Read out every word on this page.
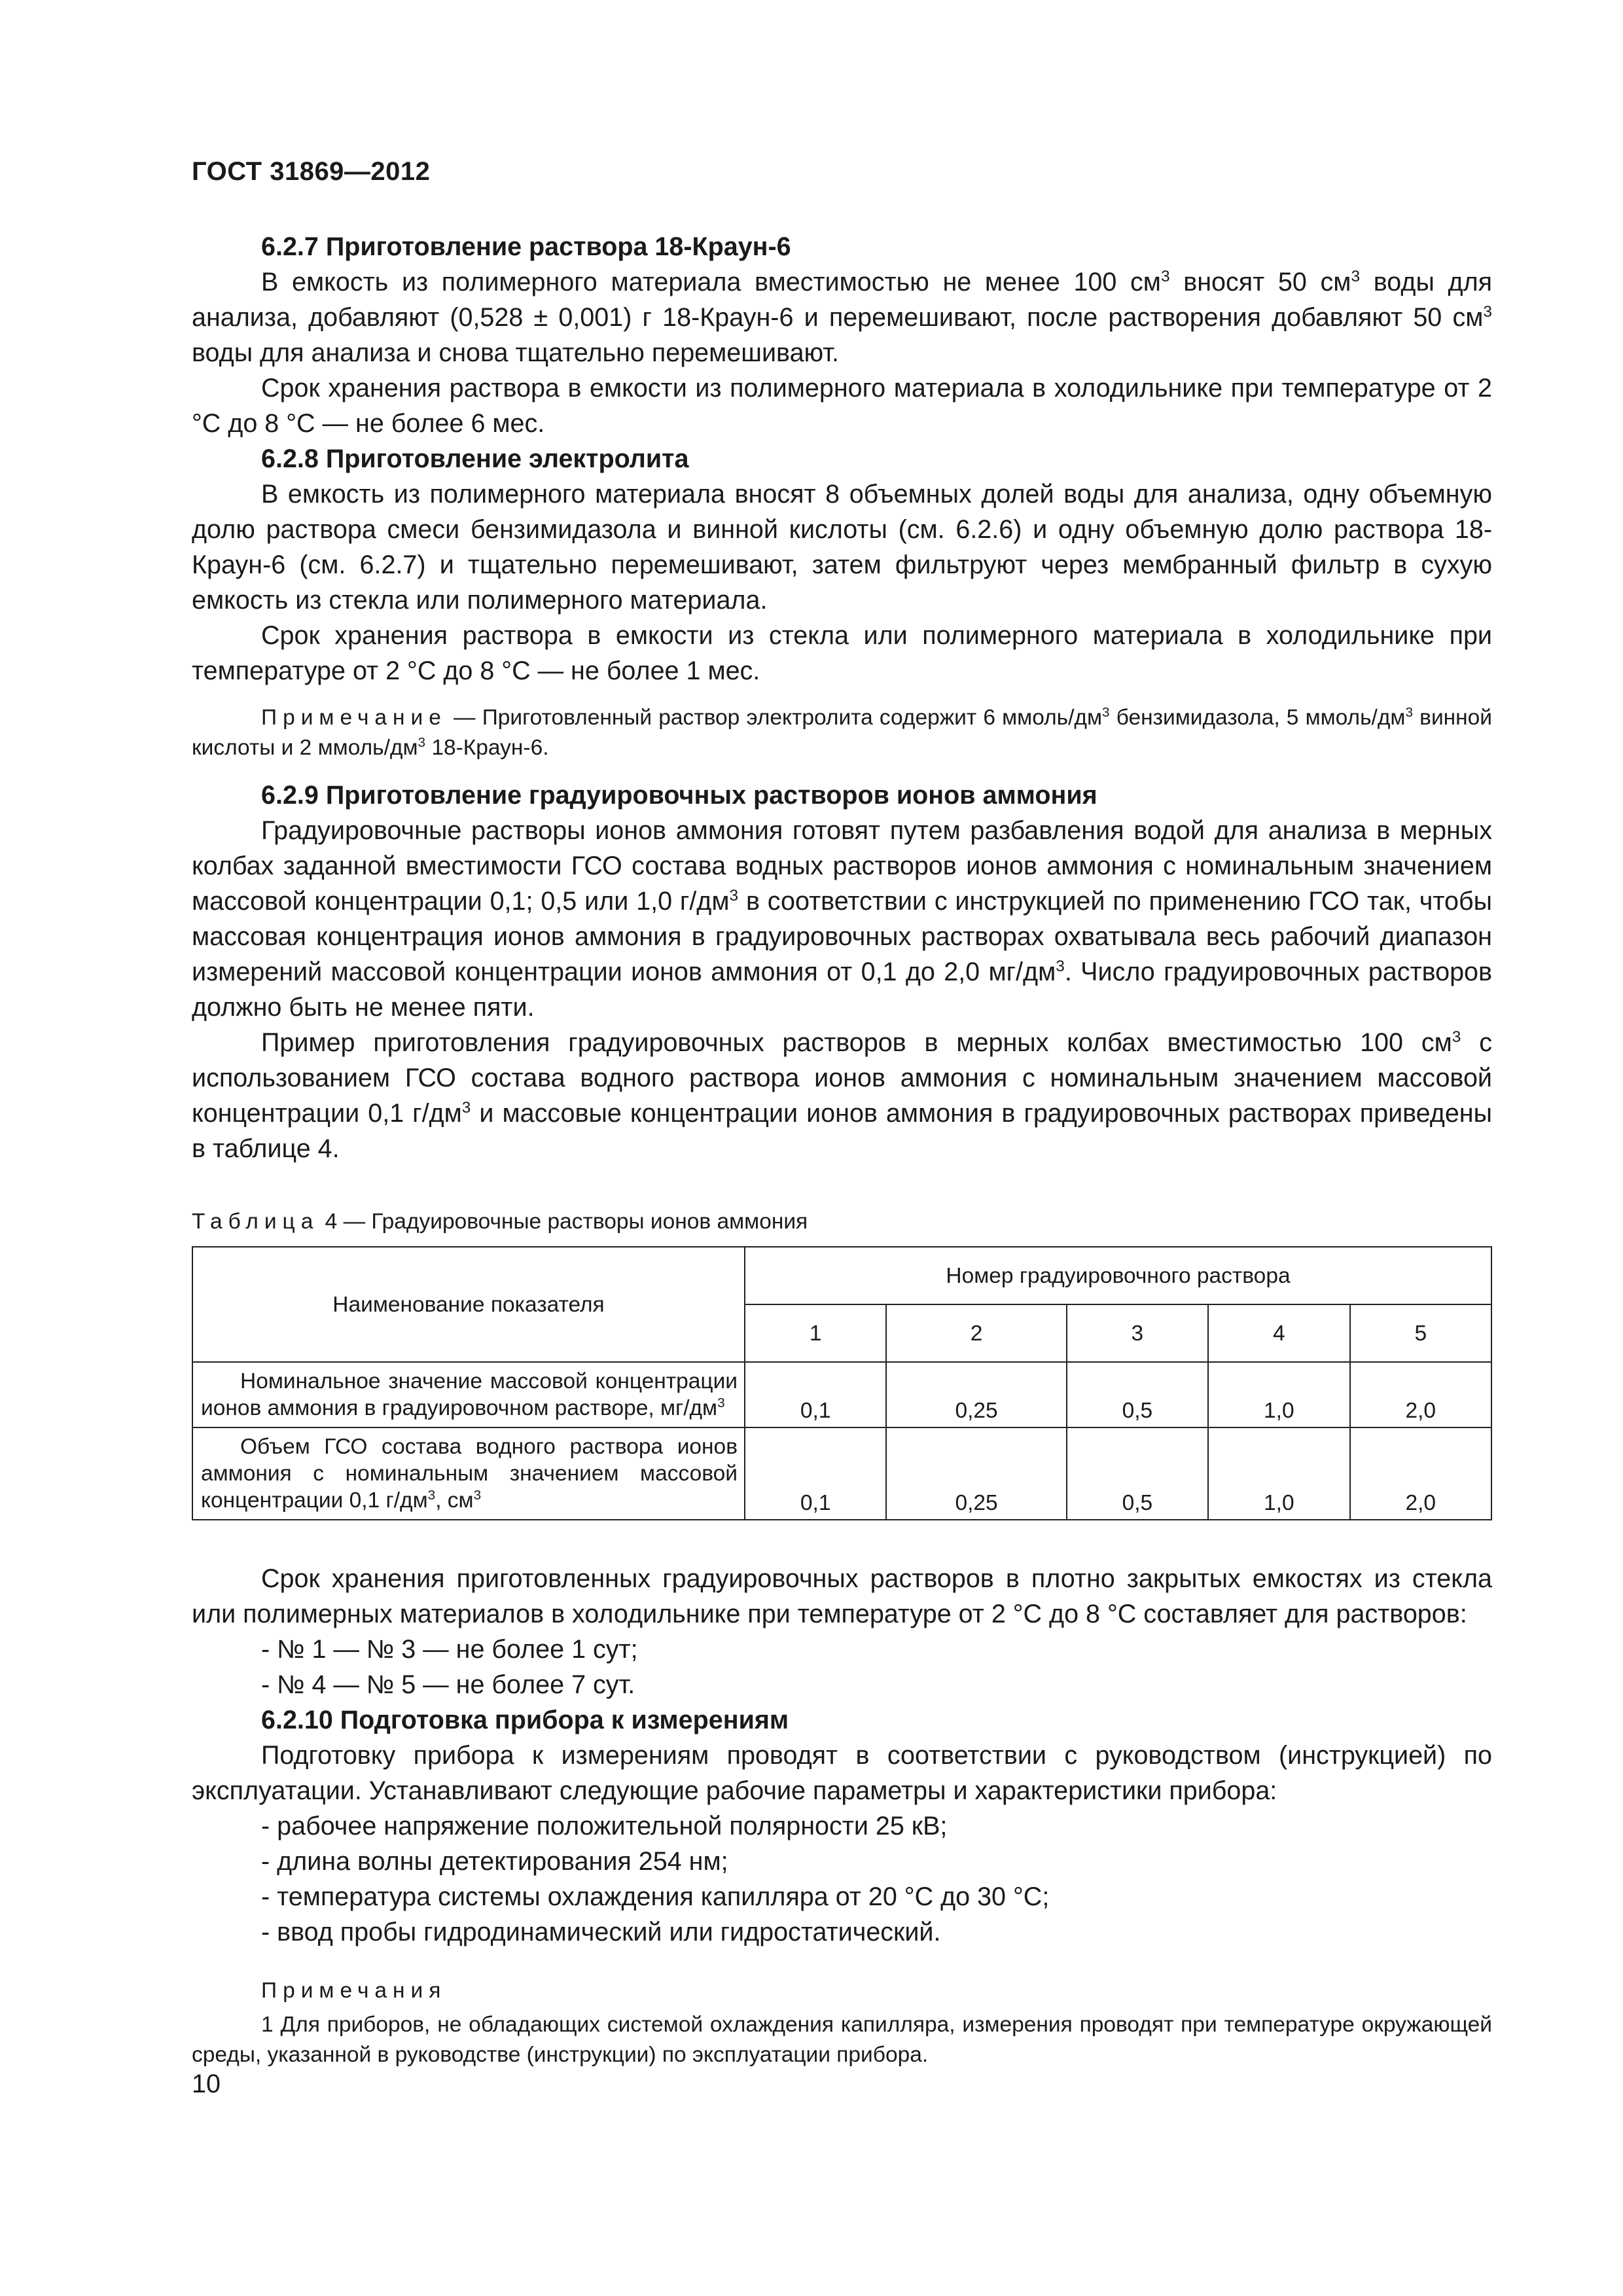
ГОСТ 31869—2012

6.2.7 Приготовление раствора 18-Краун-6

В емкость из полимерного материала вместимостью не менее 100 $см^3$ вносят 50 $см^3$ воды для анализа, добавляют (0,528 ± 0,001) г 18-Краун-6 и перемешивают, после растворения добавляют 50 $см^3$ воды для анализа и снова тщательно перемешивают.

Срок хранения раствора в емкости из полимерного материала в холодильнике при температуре от 2 °С до 8 °С — не более 6 мес.

6.2.8 Приготовление электролита

В емкость из полимерного материала вносят 8 объемных долей воды для анализа, одну объемную долю раствора смеси бензимидазола и винной кислоты (см. 6.2.6) и одну объемную долю раствора 18-Краун-6 (см. 6.2.7) и тщательно перемешивают, затем фильтруют через мембранный фильтр в сухую емкость из стекла или полимерного материала.

Срок хранения раствора в емкости из стекла или полимерного материала в холодильнике при температуре от 2 °С до 8 °С — не более 1 мес.

Примечание — Приготовленный раствор электролита содержит 6 ммоль/$дм^3$ бензимидазола, 5 ммоль/$дм^3$ винной кислоты и 2 ммоль/$дм^3$ 18-Краун-6.

6.2.9 Приготовление градуировочных растворов ионов аммония

Градуировочные растворы ионов аммония готовят путем разбавления водой для анализа в мерных колбах заданной вместимости ГСО состава водных растворов ионов аммония с номинальным значением массовой концентрации 0,1; 0,5 или 1,0 $г/дм^3$ в соответствии с инструкцией по применению ГСО так, чтобы массовая концентрация ионов аммония в градуировочных растворах охватывала весь рабочий диапазон измерений массовой концентрации ионов аммония от 0,1 до 2,0 $мг/дм^3$. Число градуировочных растворов должно быть не менее пяти.

Пример приготовления градуировочных растворов в мерных колбах вместимостью 100 $см^3$ с использованием ГСО состава водного раствора ионов аммония с номинальным значением массовой концентрации 0,1 $г/дм^3$ и массовые концентрации ионов аммония в градуировочных растворах приведены в таблице 4.

Таблица 4 — Градуировочные растворы ионов аммония

Наименование показателя	Номер градуировочного раствора				
	1	2	3	4	5
Номинальное значение массовой концентрации ионов аммония в градуировочном растворе, $мг/дм^3$	0,1	0,25	0,5	1,0	2,0
Объем ГСО состава водного раствора ионов аммония с номинальным значением массовой концентрации 0,1 $г/дм^3$, $см^3$	0,1	0,25	0,5	1,0	2,0

Срок хранения приготовленных градуировочных растворов в плотно закрытых емкостях из стекла или полимерных материалов в холодильнике при температуре от 2 °С до 8 °С составляет для растворов:

- № 1 — № 3 — не более 1 сут;

- № 4 — № 5 — не более 7 сут.

6.2.10 Подготовка прибора к измерениям

Подготовку прибора к измерениям проводят в соответствии с руководством (инструкцией) по эксплуатации. Устанавливают следующие рабочие параметры и характеристики прибора:

- рабочее напряжение положительной полярности 25 кВ;

- длина волны детектирования 254 нм;

- температура системы охлаждения капилляра от 20 °С до 30 °С;

- ввод пробы гидродинамический или гидростатический.

Примечания

1 Для приборов, не обладающих системой охлаждения капилляра, измерения проводят при температуре окружающей среды, указанной в руководстве (инструкции) по эксплуатации прибора.

10
